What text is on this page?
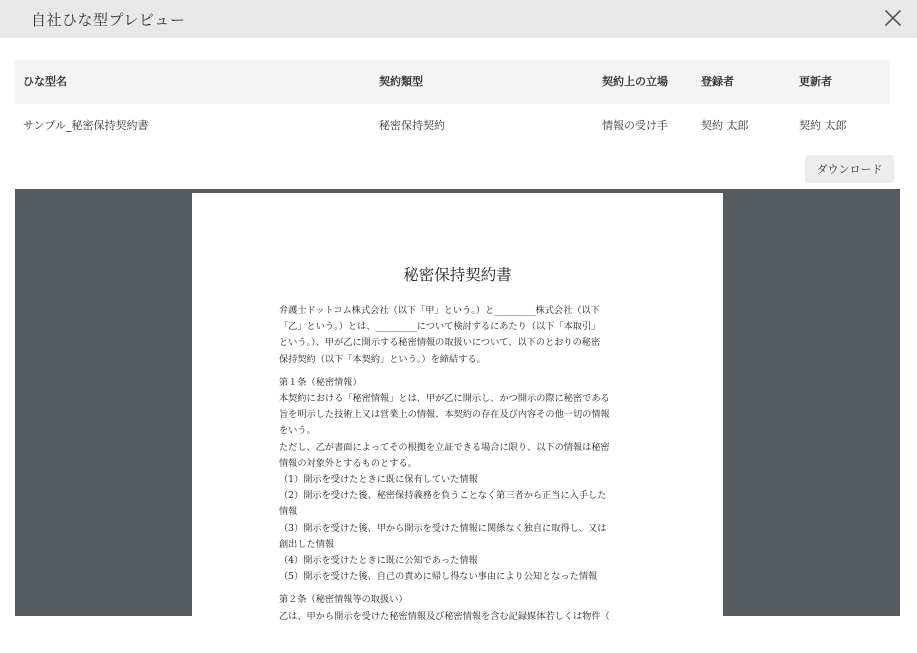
自社ひな型プレビュー
ひな型名	契約類型	契約上の立場	登録者	更新者
サンプル_秘密保持契約書	秘密保持契約	情報の受け手	契約 太郎	契約 太郎
ダウンロード
秘密保持契約書
弁護士ドットコム株式会社（以下「甲」という。）と_________株式会社（以下
「乙」という。）とは、_________について検討するにあたり（以下「本取引」
という。）、甲が乙に開示する秘密情報の取扱いについて、以下のとおりの秘密
保持契約（以下「本契約」という。）を締結する。
第１条（秘密情報）
本契約における「秘密情報」とは、甲が乙に開示し、かつ開示の際に秘密である
旨を明示した技術上又は営業上の情報、本契約の存在及び内容その他一切の情報
をいう。
ただし、乙が書面によってその根拠を立証できる場合に限り、以下の情報は秘密
情報の対象外とするものとする。
（1）開示を受けたときに既に保有していた情報
（2）開示を受けた後、秘密保持義務を負うことなく第三者から正当に入手した
情報
（3）開示を受けた後、甲から開示を受けた情報に関係なく独自に取得し、又は
創出した情報
（4）開示を受けたときに既に公知であった情報
（5）開示を受けた後、自己の責めに帰し得ない事由により公知となった情報
第２条（秘密情報等の取扱い）
乙は、甲から開示を受けた秘密情報及び秘密情報を含む記録媒体若しくは物件（
